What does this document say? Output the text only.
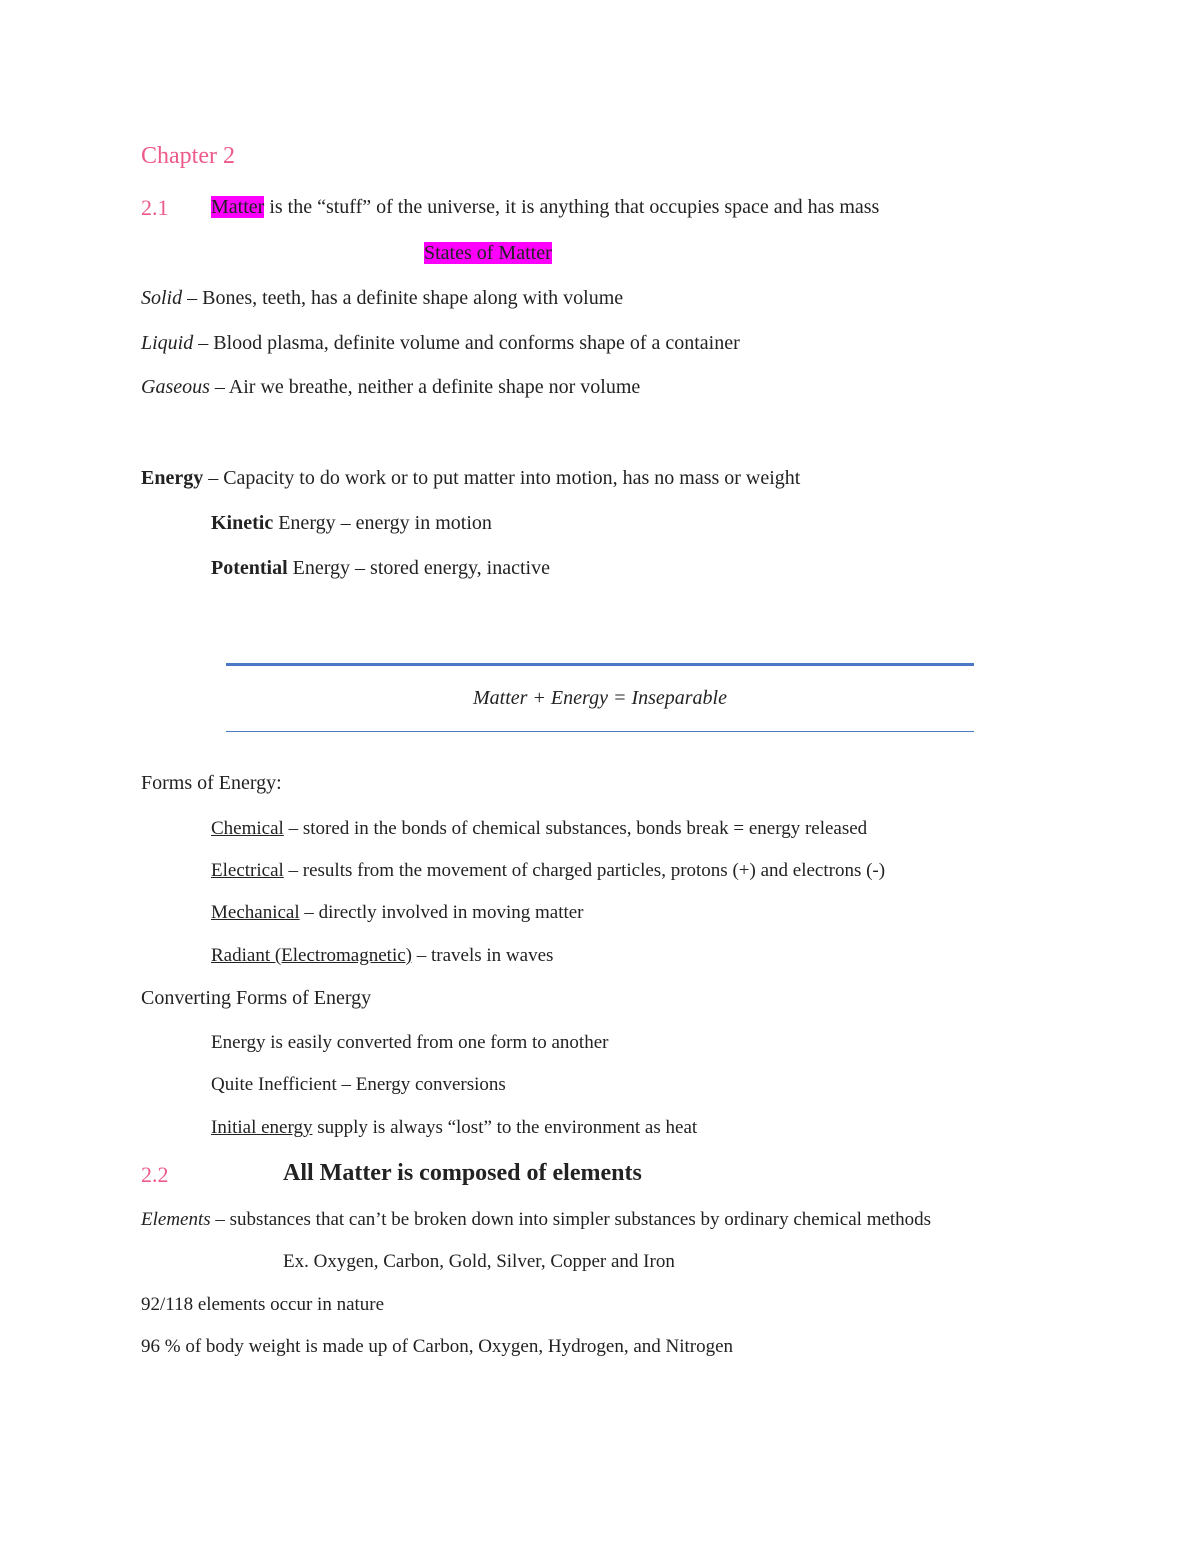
Chapter 2
2.1 Matter is the “stuff” of the universe, it is anything that occupies space and has mass
States of Matter
Solid – Bones, teeth, has a definite shape along with volume
Liquid – Blood plasma, definite volume and conforms shape of a container
Gaseous – Air we breathe, neither a definite shape nor volume
Energy – Capacity to do work or to put matter into motion, has no mass or weight
Kinetic Energy – energy in motion
Potential Energy – stored energy, inactive
Matter + Energy = Inseparable
Forms of Energy:
Chemical – stored in the bonds of chemical substances, bonds break = energy released
Electrical – results from the movement of charged particles, protons (+) and electrons (-)
Mechanical – directly involved in moving matter
Radiant (Electromagnetic) – travels in waves
Converting Forms of Energy
Energy is easily converted from one form to another
Quite Inefficient – Energy conversions
Initial energy supply is always “lost” to the environment as heat
2.2	All Matter is composed of elements
Elements – substances that can’t be broken down into simpler substances by ordinary chemical methods
Ex. Oxygen, Carbon, Gold, Silver, Copper and Iron
92/118 elements occur in nature
96 % of body weight is made up of Carbon, Oxygen, Hydrogen, and Nitrogen
